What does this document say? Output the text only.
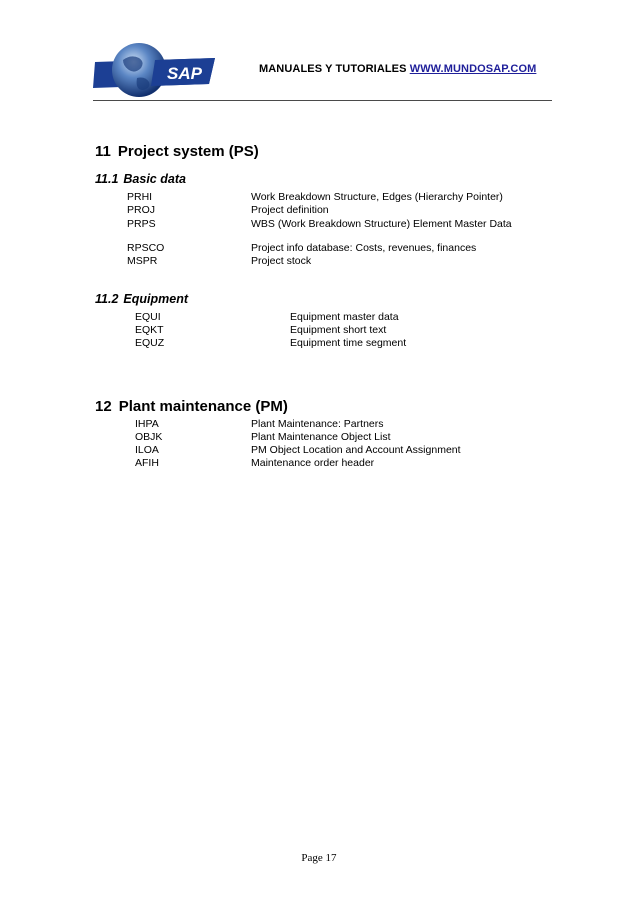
SAP	MANUALES Y TUTORIALES WWW.MUNDOSAP.COM
11 Project system (PS)
11.1 Basic data
PRHI	Work Breakdown Structure, Edges (Hierarchy Pointer)
PROJ	Project definition
PRPS	WBS (Work Breakdown Structure) Element Master Data
RPSCO	Project info database: Costs, revenues, finances
MSPR	Project stock
11.2 Equipment
EQUI	Equipment master data
EQKT	Equipment short text
EQUZ	Equipment time segment
12 Plant maintenance (PM)
IHPA	Plant Maintenance: Partners
OBJK	Plant Maintenance Object List
ILOA	PM Object Location and Account Assignment
AFIH	Maintenance order header
Page 17
